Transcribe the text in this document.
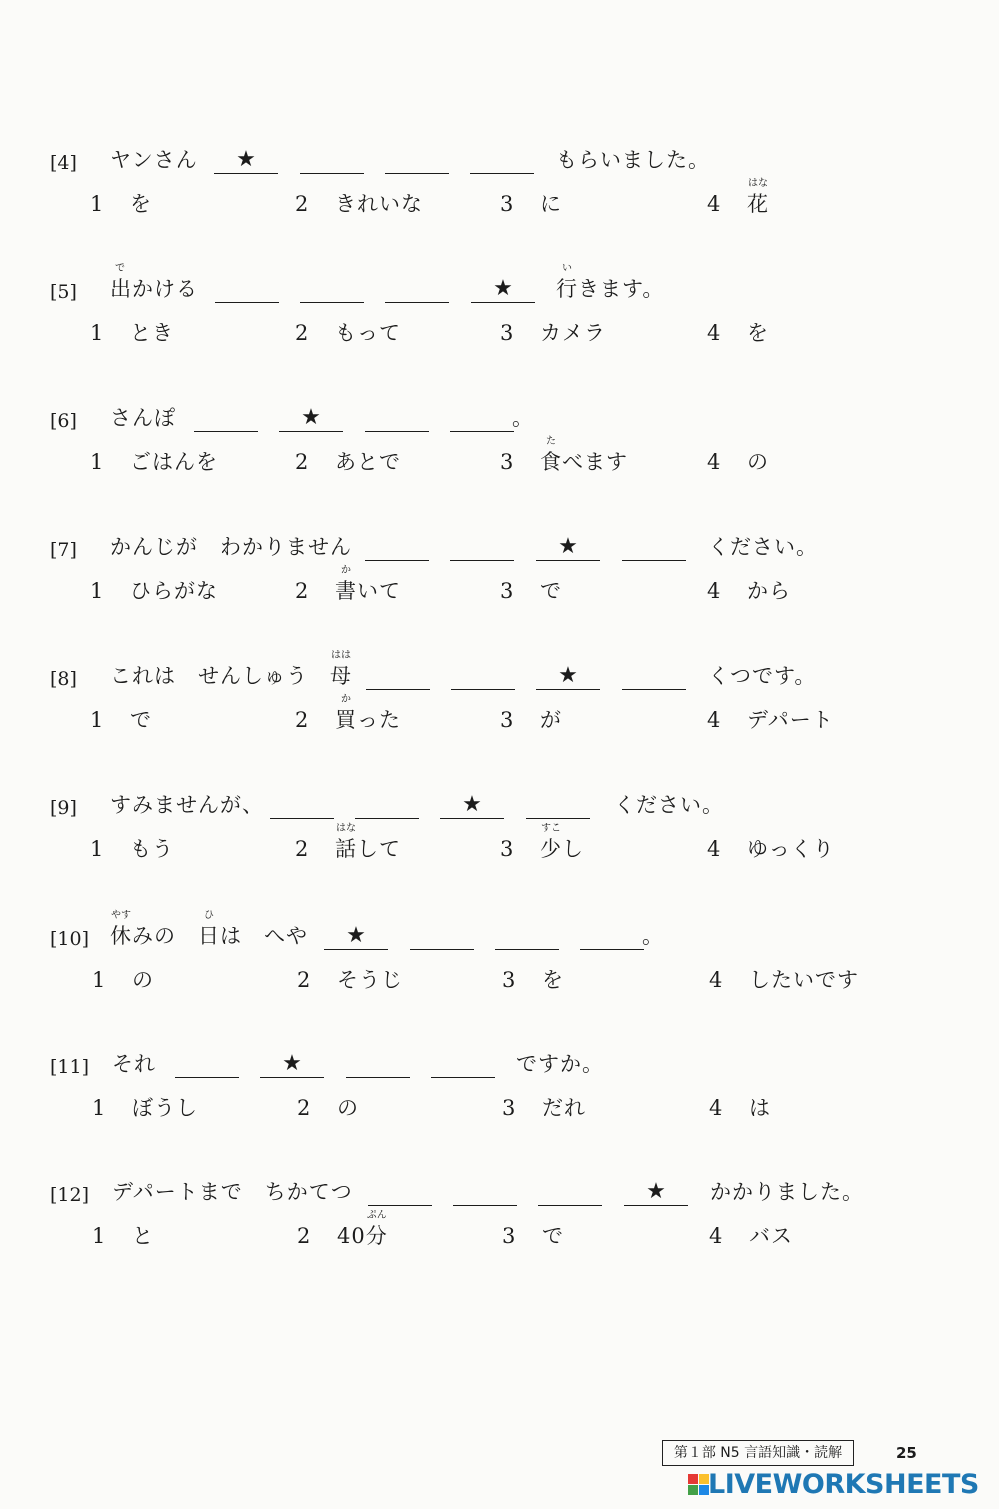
[4] ヤンさん	★	もらいました。
1 を	2 きれいな	3 に	4
はな
花
[5]
で
出かける	★
い
行きます。
1 とき	2 もって	3 カメラ	4 を
[6] さんぽ	★	。
1 ごはんを	2 あとで	3
た
食べます	4 の
[7] かんじが　わかりません	★	ください。
1 ひらがな	2
か
書いて	3 で	4 から
[8] これは　せんしゅう　
はは
母	★	くつです。
1 で	2
か
買った	3 が	4 デパート
[9] すみませんが、	★	ください。
1 もう	2
はな
話して	3
すこ
少し	4 ゆっくり
[10]
やす
休みの　
ひ
日は　へや	★	。
1 の	2 そうじ	3 を	4 したいです
[11] それ	★	ですか。
1 ぼうし	2 の	3 だれ	4 は
[12] デパートまで　ちかてつ	★	かかりました。
1 と	2 40
ぷん
分	3 で	4 バス
第１部 N5 言語知識・読解	25
LIVEWORKSHEETS
